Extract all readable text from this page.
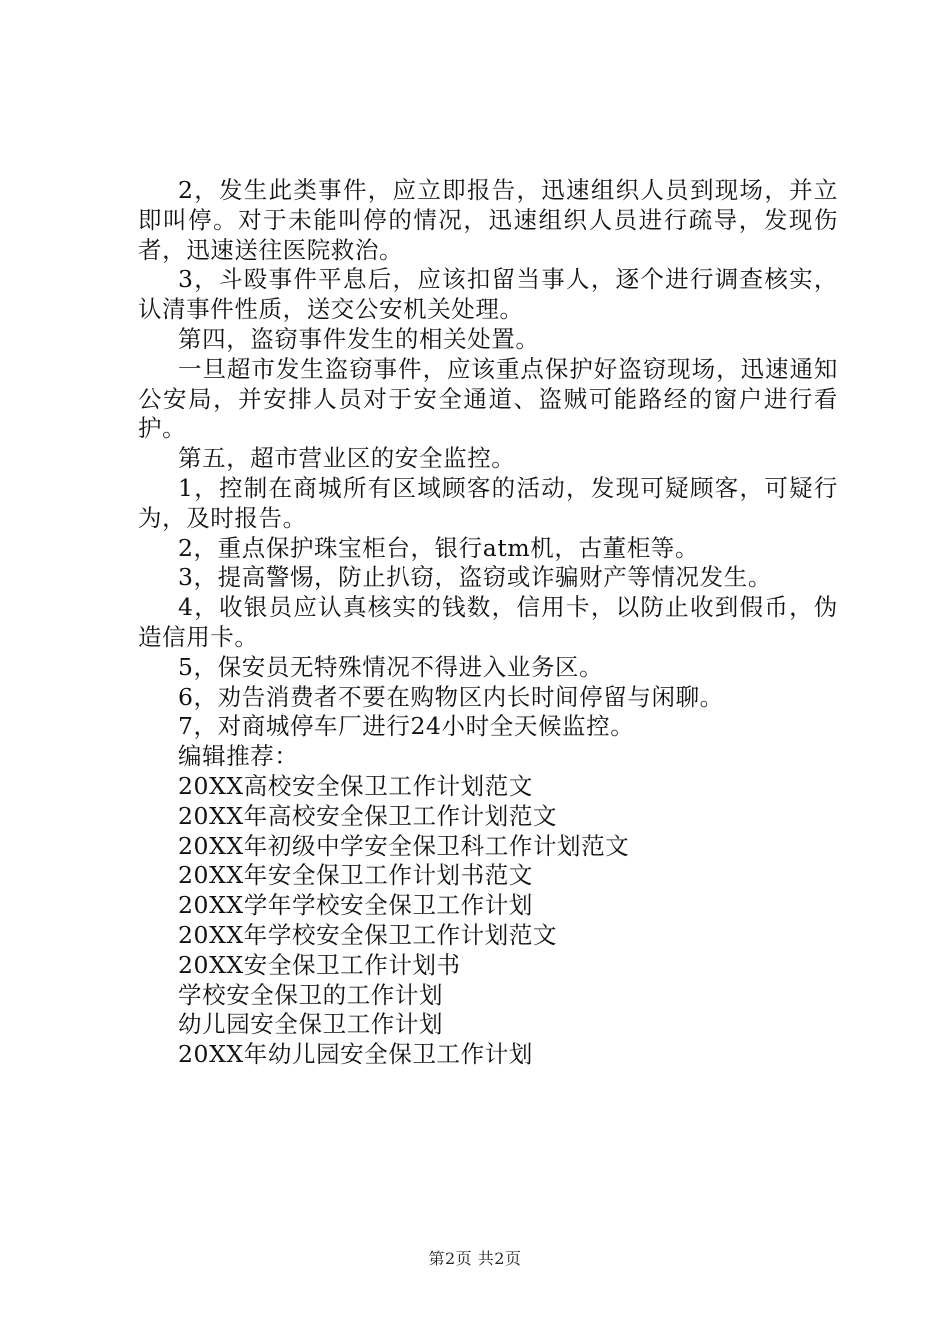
2，发生此类事件，应立即报告，迅速组织人员到现场，并立即叫停。对于未能叫停的情况，迅速组织人员进行疏导，发现伤者，迅速送往医院救治。

3，斗殴事件平息后，应该扣留当事人，逐个进行调查核实，认清事件性质，送交公安机关处理。

第四，盗窃事件发生的相关处置。

一旦超市发生盗窃事件，应该重点保护好盗窃现场，迅速通知公安局，并安排人员对于安全通道、盗贼可能路经的窗户进行看护。

第五，超市营业区的安全监控。

1，控制在商城所有区域顾客的活动，发现可疑顾客，可疑行为，及时报告。

2，重点保护珠宝柜台，银行atm机，古董柜等。

3，提高警惕，防止扒窃，盗窃或诈骗财产等情况发生。

4，收银员应认真核实的钱数，信用卡，以防止收到假币，伪造信用卡。

5，保安员无特殊情况不得进入业务区。

6，劝告消费者不要在购物区内长时间停留与闲聊。

7，对商城停车厂进行24小时全天候监控。

编辑推荐：

20XX高校安全保卫工作计划范文
20XX年高校安全保卫工作计划范文
20XX年初级中学安全保卫科工作计划范文
20XX年安全保卫工作计划书范文
20XX学年学校安全保卫工作计划
20XX年学校安全保卫工作计划范文
20XX安全保卫工作计划书
学校安全保卫的工作计划
幼儿园安全保卫工作计划
20XX年幼儿园安全保卫工作计划
第2页 共2页
